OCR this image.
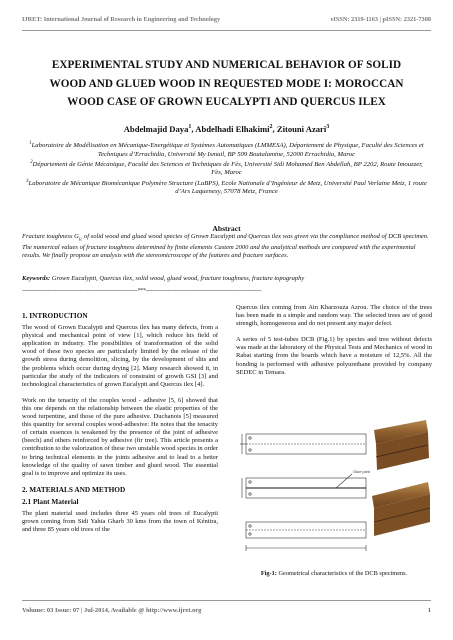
IJRET: International Journal of Research in Engineering and Technology	eISSN: 2319-1163 | pISSN: 2321-7308
EXPERIMENTAL STUDY AND NUMERICAL BEHAVIOR OF SOLID
WOOD AND GLUED WOOD IN REQUESTED MODE I: MOROCCAN
WOOD CASE OF GROWN EUCALYPTI AND QUERCUS ILEX
Abdelmajid Daya$^1$, Abdelhadi Elhakimi$^2$, Zitouni Azari$^3$
$^1$Laboratoire de Modélisation en Mécanique-Energétique et Systèmes Automatiques (LMMESA), Département de Physique, Faculté des Sciences et Techniques d’Errachidia, Université My Ismail, BP 509 Boutalamine, 52000 Errachidia, Maroc
$^2$Département de Génie Mécanique, Faculté des Sciences et Techniques de Fès, Université Sidi Mohamed Ben Abdellah, BP 2202, Route Imouzzer, Fès, Maroc
$^3$Laboratoire de Mécanique Biomécanique Polymère Structure (LaBPS), Ecole Nationale d’Ingénieur de Metz, Université Paul Verlaine Metz, 1 route d’Ars Laquenexy, 57078 Metz, France
Abstract
Fracture toughness $G_{Ic}$ of solid wood and glued wood species of Grown Eucalypti and Quercus ilex was given via the compliance method of DCB specimen. The numerical values of fracture toughness determined by finite elements Castem 2000 and the analytical methods are compared with the experimental results. We finally propose an analysis with the stereomicroscope of the features and fracture surfaces.
Keywords: Grown Eucalypti, Quercus ilex, solid wood, glued wood, fracture toughness, fracture topography
--------------------------------------------------------------------***--------------------------------------------------------------------
1. INTRODUCTION

The wood of Grown Eucalypti and Quercus ilex has many defects, from a physical and mechanical point of view [1], which reduce his field of application in industry. The possibilities of transformation of the solid wood of these two species are particularly limited by the release of the growth stress during demolition, slicing, by the development of slits and the problems which occur during drying [2]. Many research showed it, in particular the study of the indicators of constraint of growth GSI [3] and technological characteristics of grown Eucalypti and Quercus ilex [4].

Work on the tenacity of the couples wood - adhesive [5, 6] showed that this one depends on the relationship between the elastic properties of the wood turpentine, and those of the pure adhesive. Duchanois [5] measured this quantity for several couples wood-adhesive: He notes that the tenacity of certain essences is weakened by the presence of the joint of adhesive (beech) and others reinforced by adhesive (fir tree). This article presents a contribution to the valorization of these two unstable wood species in order to bring technical elements in the joints adhesive and to lead to a better knowledge of the quality of sawn timber and glued wood. The essential goal is to improve and optimize its uses.

2. MATERIALS AND METHOD
2.1 Plant Material

The plant material used includes three 45 years old trees of Eucalypti grown coming from Sidi Yahia Gharb 30 kms from the town of Kénitra, and three 85 years old trees of the

Quercus ilex coming from Ain Kharzouza Azrou. The choice of the trees has been made in a simple and random way. The selected trees are of good strength, homogeneous and do not present any major defect.

A series of 5 test-tubes DCB (Fig.1) by species and tree without defects was made at the laboratory of the Physical Tests and Mechanics of wood in Rabat starting from the boards which have a moisture of 12,5%. All the bonding is performed with adhesive polyurethane provided by company SEDEC in Temara.

Glue joint
Fig-1: Geometrical characteristics of the DCB specimens.
Volume: 03 Issue: 07 | Jul-2014, Available @ http://www.ijret.org	1
